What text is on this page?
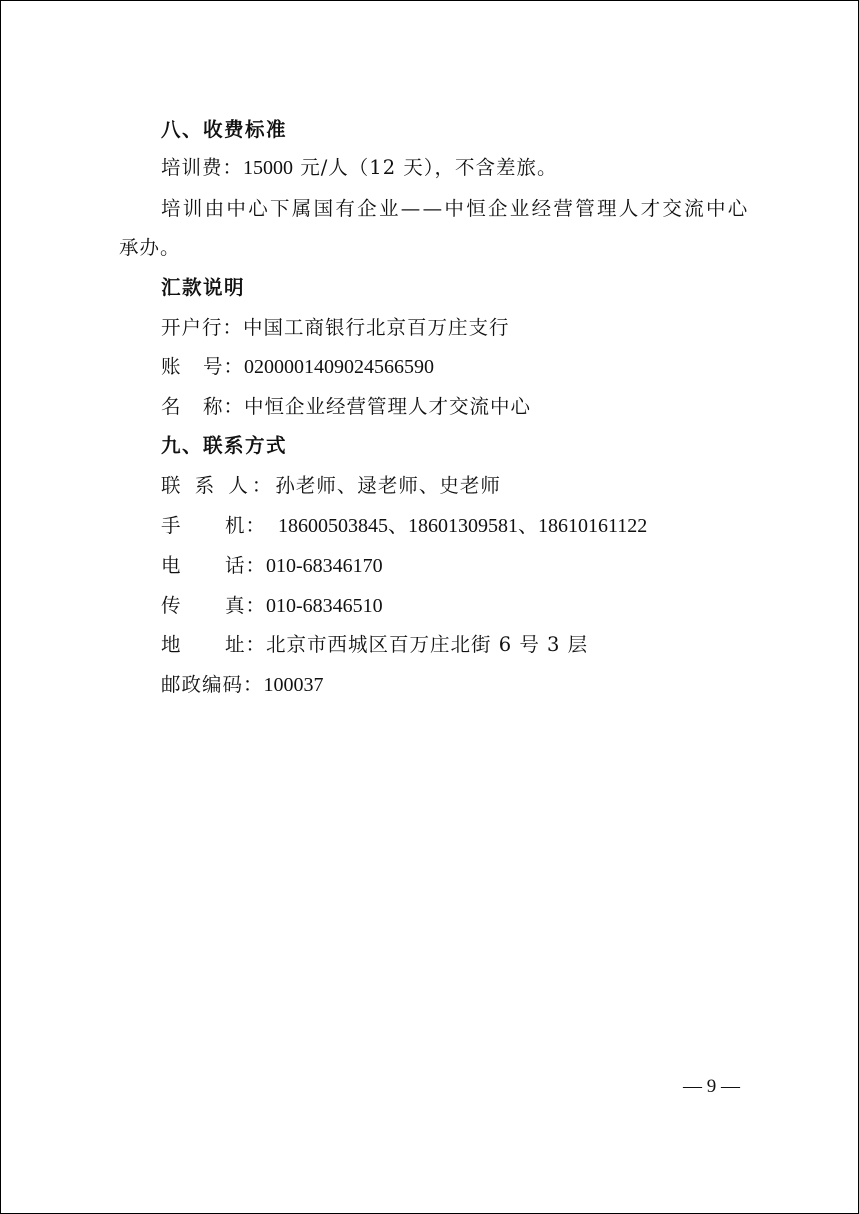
八、收费标准
培训费：15000 元/人（12 天），不含差旅。
培训由中心下属国有企业——中恒企业经营管理人才交流中心
承办。
汇款说明
开户行：中国工商银行北京百万庄支行
账 号：0200001409024566590
名 称：中恒企业经营管理人才交流中心
九、联系方式
联 系 人：孙老师、逯老师、史老师
手 机： 18600503845、18601309581、18610161122
电 话：010-68346170
传 真：010-68346510
地 址：北京市西城区百万庄北街 6 号 3 层
邮政编码：100037
— 9 —
